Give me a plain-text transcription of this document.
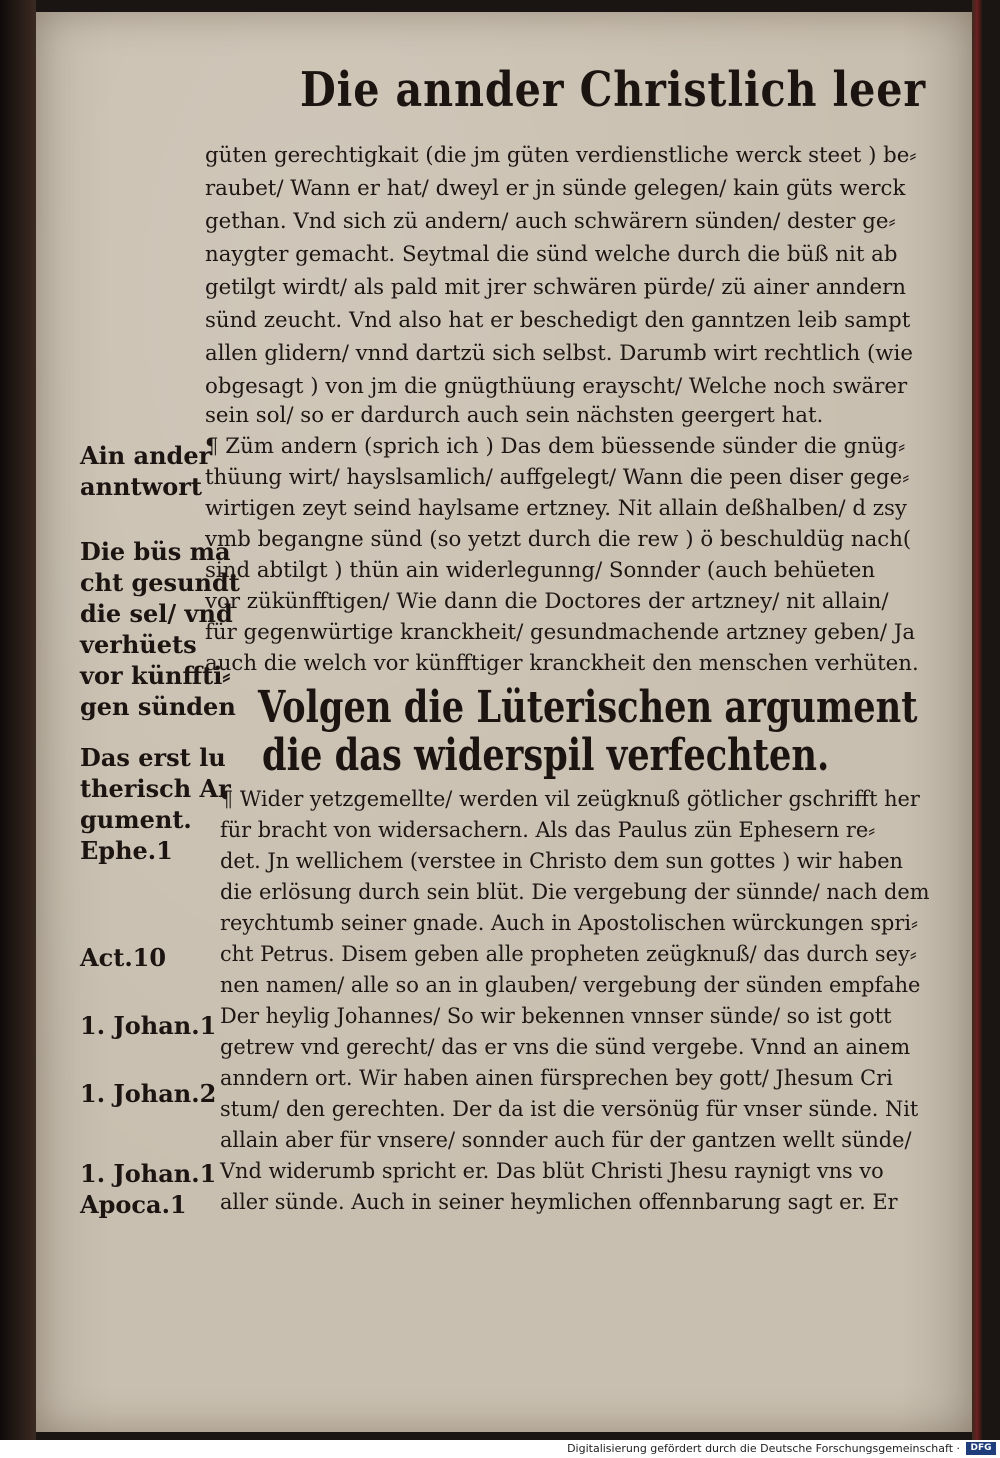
Die annder Christlich leer
güten gerechtigkait (die jm güten verdienstliche werck steet ) be⸗
raubet/ Wann er hat/ dweyl er jn sünde gelegen/ kain güts werck
gethan. Vnd sich zü andern/ auch schwärern sünden/ dester ge⸗
naygter gemacht. Seytmal die sünd welche durch die büß nit ab
getilgt wirdt/ als pald mit jrer schwären pürde/ zü ainer anndern
sünd zeucht. Vnd also hat er beschedigt den ganntzen leib sampt
allen glidern/ vnnd dartzü sich selbst. Darumb wirt rechtlich (wie
obgesagt ) von jm die gnügthüung erayscht/ Welche noch swärer
sein sol/ so er dardurch auch sein nächsten geergert hat.
¶ Züm andern (sprich ich ) Das dem büessende sünder die gnüg⸗
thüung wirt/ hayslsamlich/ auffgelegt/ Wann die peen diser gege⸗
wirtigen zeyt seind haylsame ertzney. Nit allain deßhalben/ d zsy
vmb begangne sünd (so yetzt durch die rew ) ö beschuldüg nach(
sind abtilgt ) thün ain widerlegunng/ Sonnder (auch behüeten
vor zükünfftigen/ Wie dann die Doctores der artzney/ nit allain/
für gegenwürtige kranckheit/ gesundmachende artzney geben/ Ja
auch die welch vor künfftiger kranckheit den menschen verhüten.
Volgen die Lüterischen argument
die das widerspil verfechten.
¶ Wider yetzgemellte/ werden vil zeügknuß götlicher gschrifft her
für bracht von widersachern. Als das Paulus zün Ephesern re⸗
det. Jn wellichem (verstee in Christo dem sun gottes ) wir haben
die erlösung durch sein blüt. Die vergebung der sünnde/ nach dem
reychtumb seiner gnade. Auch in Apostolischen würckungen spri⸗
cht Petrus. Disem geben alle propheten zeügknuß/ das durch sey⸗
nen namen/ alle so an in glauben/ vergebung der sünden empfahe
Der heylig Johannes/ So wir bekennen vnnser sünde/ so ist gott
getrew vnd gerecht/ das er vns die sünd vergebe. Vnnd an ainem
anndern ort. Wir haben ainen fürsprechen bey gott/ Jhesum Cri
stum/ den gerechten. Der da ist die versönüg für vnser sünde. Nit
allain aber für vnsere/ sonnder auch für der gantzen wellt sünde/
Vnd widerumb spricht er. Das blüt Christi Jhesu raynigt vns vo
aller sünde. Auch in seiner heymlichen offennbarung sagt er. Er
Ain ander
anntwort
Die büs ma
cht gesundt
die sel/ vnd
verhüets
vor künffti⸗
gen sünden
Das erst lu
therisch Ar
gument.
Ephe.1
Act.10
1. Johan.1
1. Johan.2
1. Johan.1
Apoca.1
Digitalisierung gefördert durch die Deutsche Forschungsgemeinschaft ·	DFG
